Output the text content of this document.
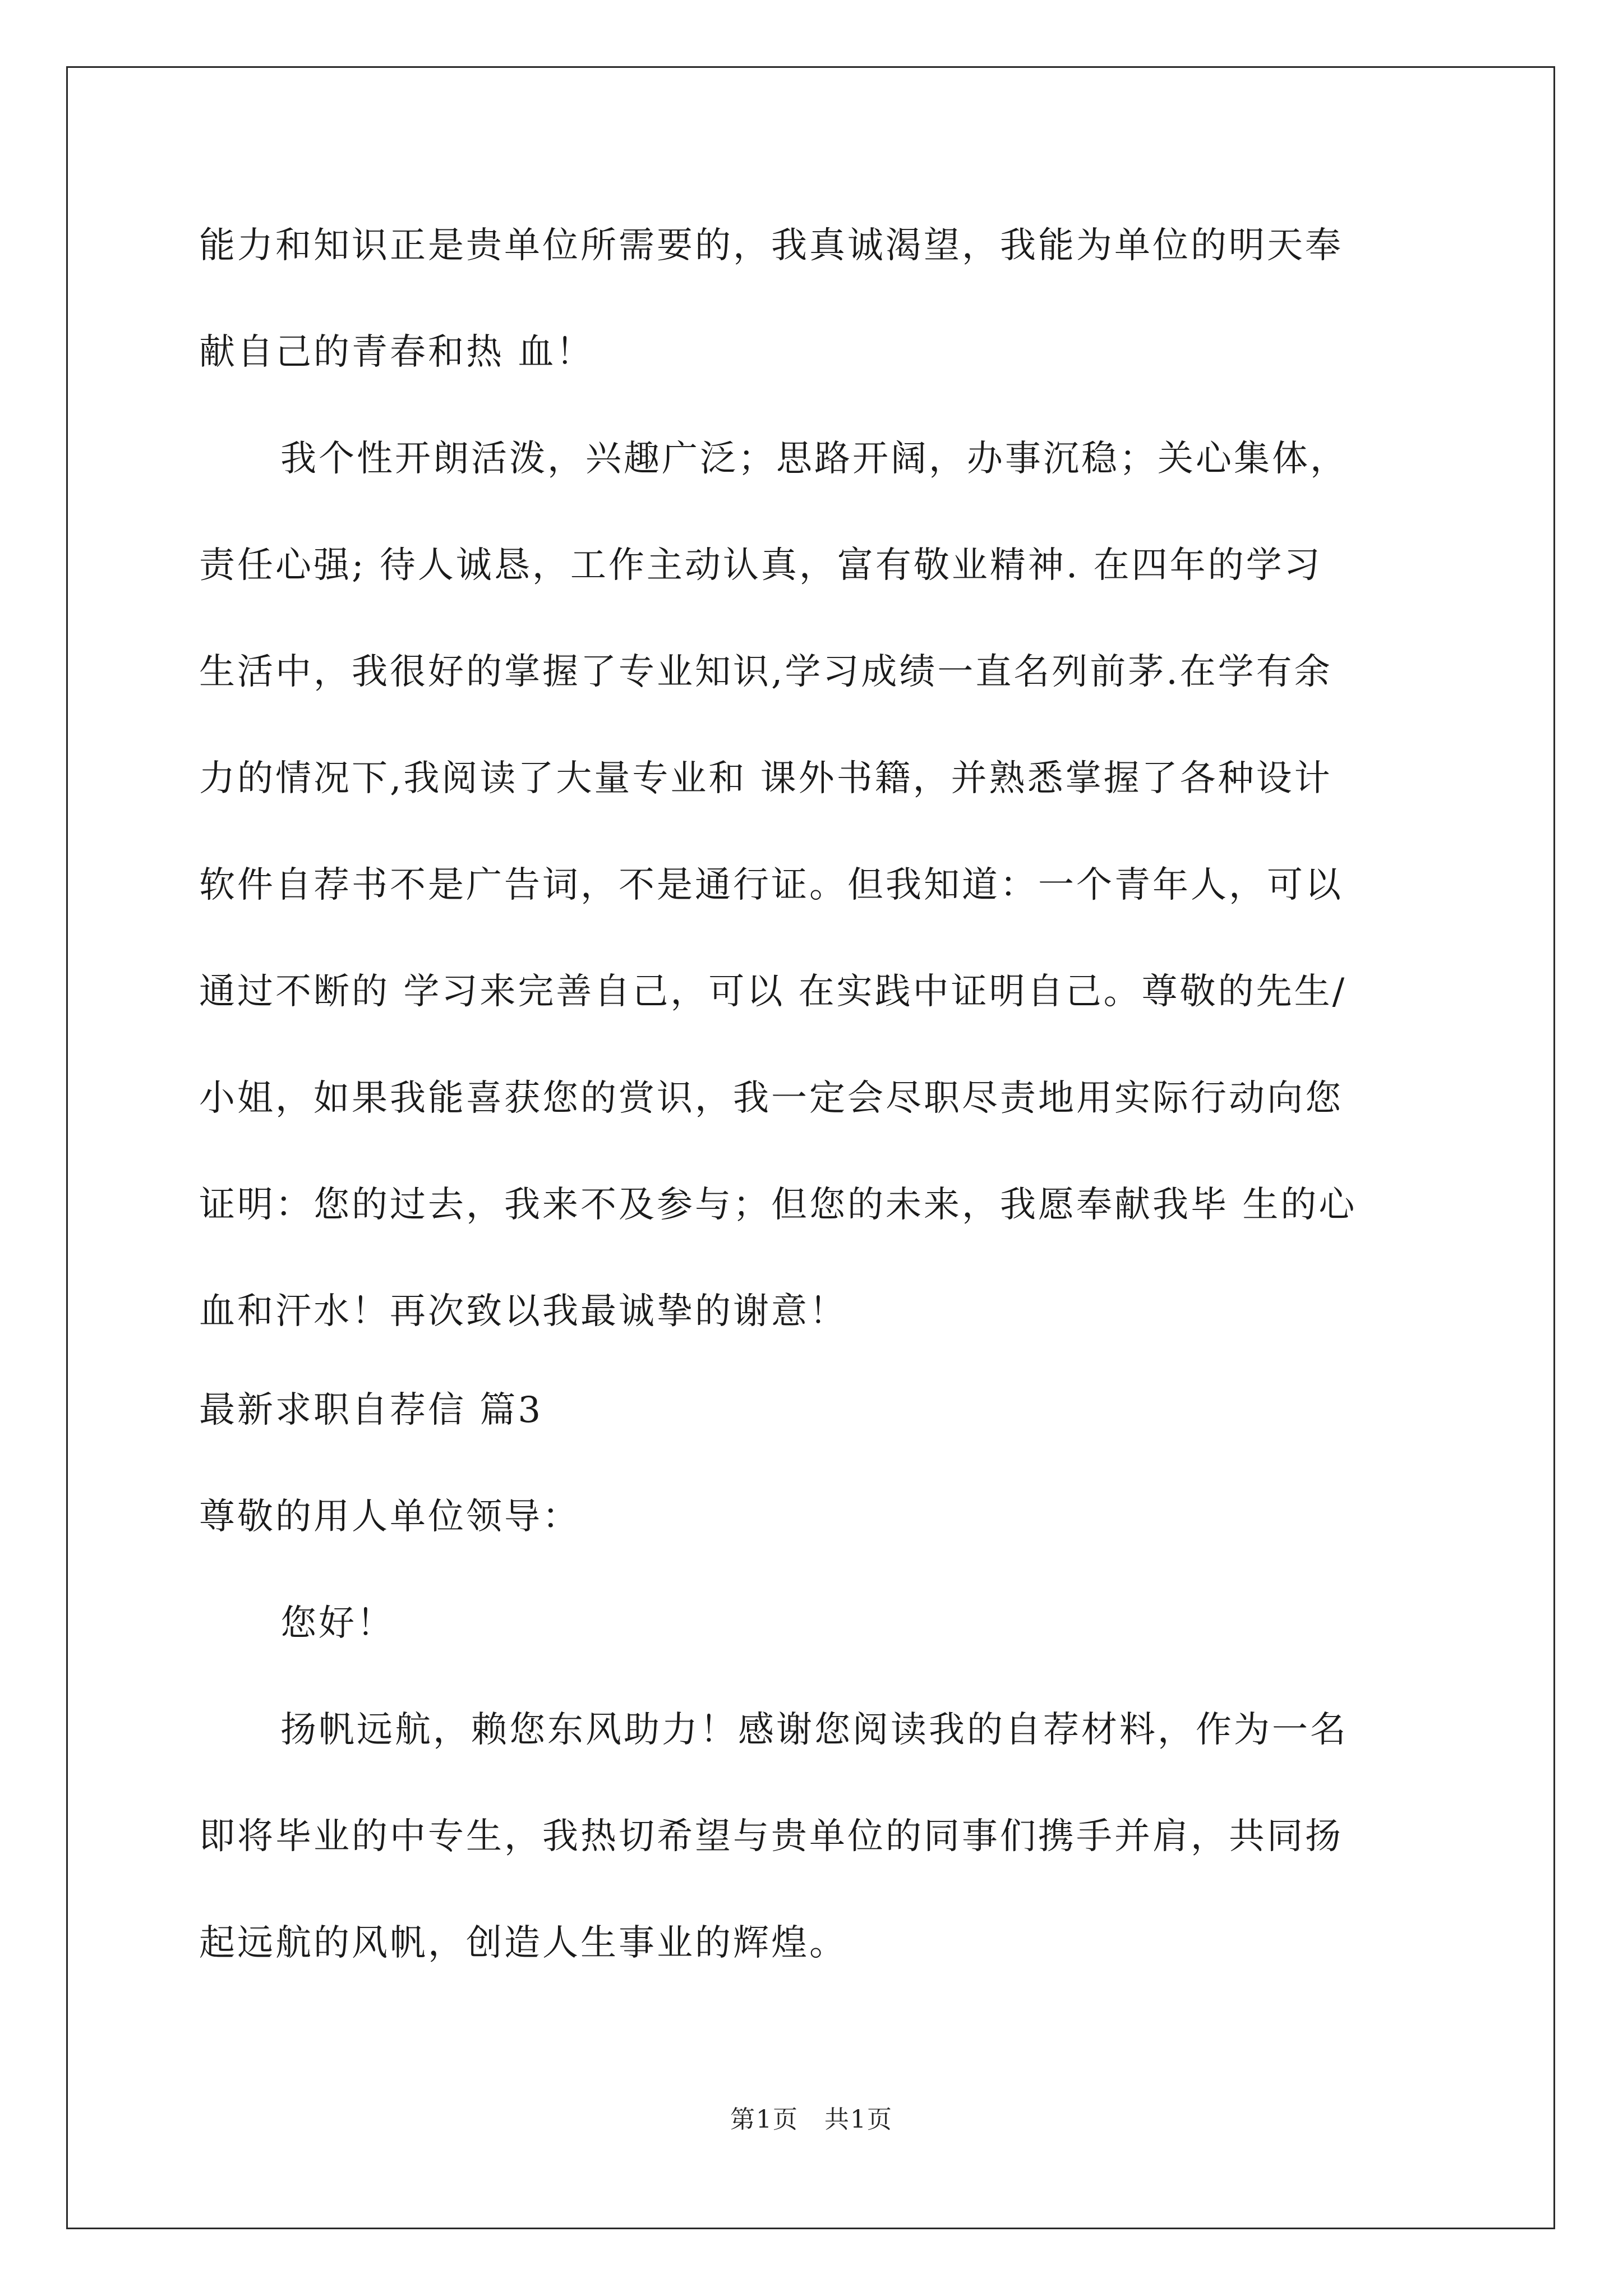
能力和知识正是贵单位所需要的，我真诚渴望，我能为单位的明天奉
献自己的青春和热 血！
我个性开朗活泼，兴趣广泛；思路开阔，办事沉稳；关心集体，
责任心强; 待人诚恳，工作主动认真，富有敬业精神. 在四年的学习
生活中，我很好的掌握了专业知识,学习成绩一直名列前茅.在学有余
力的情况下,我阅读了大量专业和 课外书籍，并熟悉掌握了各种设计
软件自荐书不是广告词，不是通行证。但我知道：一个青年人，可以
通过不断的 学习来完善自己，可以 在实践中证明自己。尊敬的先生/
小姐，如果我能喜获您的赏识，我一定会尽职尽责地用实际行动向您
证明：您的过去，我来不及参与；但您的未来，我愿奉献我毕 生的心
血和汗水！再次致以我最诚挚的谢意！
最新求职自荐信 篇3
尊敬的用人单位领导：
您好！
扬帆远航，赖您东风助力！感谢您阅读我的自荐材料，作为一名
即将毕业的中专生，我热切希望与贵单位的同事们携手并肩，共同扬
起远航的风帆，创造人生事业的辉煌。
第1页　共1页
